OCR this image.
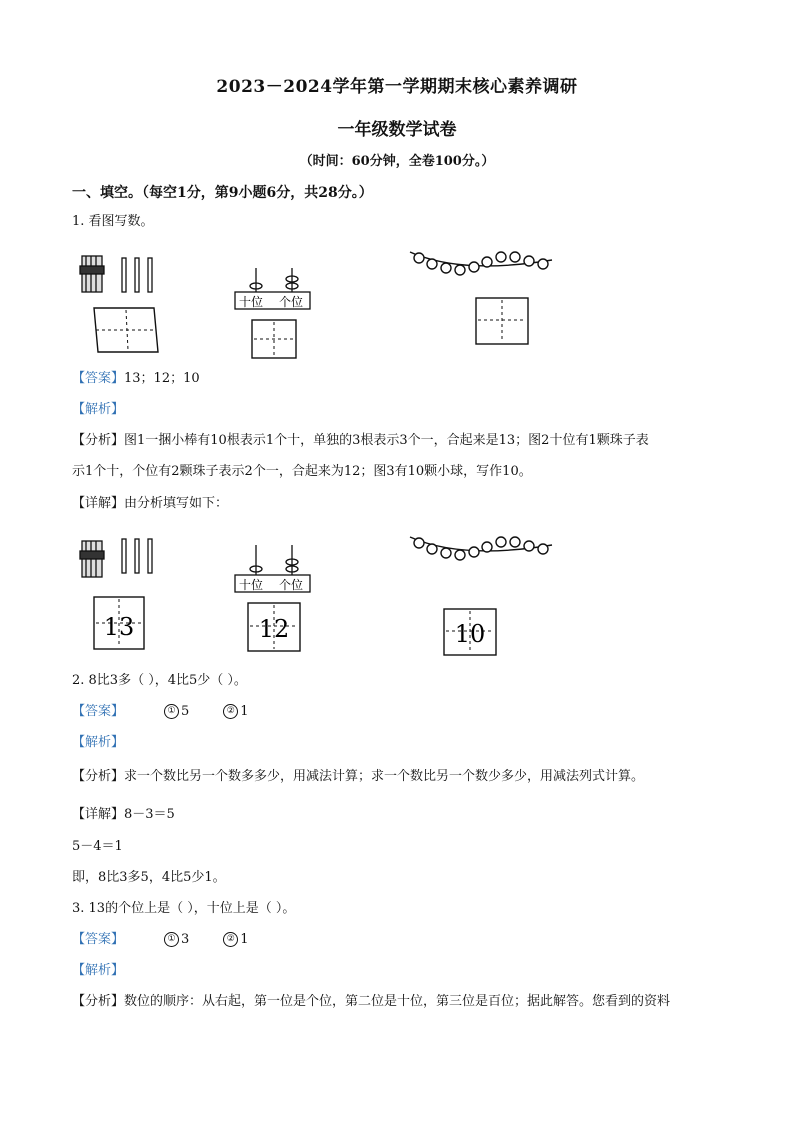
2023－2024学年第一学期期末核心素养调研
一年级数学试卷
（时间：60分钟，全卷100分。）
一、填空。（每空1分，第9小题6分，共28分。）
1. 看图写数。
十位 个位
【答案】13；12；10
【解析】
【分析】图1一捆小棒有10根表示1个十，单独的3根表示3个一，合起来是13；图2十位有1颗珠子表
示1个十，个位有2颗珠子表示2个一，合起来为12；图3有10颗小球，写作10。
【详解】由分析填写如下：
13
十位 个位
12	10
2. 8比3多（ ），4比5少（ ）。
【答案】	① 5	② 1
【解析】
【分析】求一个数比另一个数多多少，用减法计算；求一个数比另一个数少多少，用减法列式计算。
【详解】8－3＝5
5－4＝1
即，8比3多5，4比5少1。
3. 13的个位上是（ ），十位上是（ ）。
【答案】	① 3	② 1
【解析】
【分析】数位的顺序：从右起，第一位是个位，第二位是十位，第三位是百位；据此解答。您看到的资料
